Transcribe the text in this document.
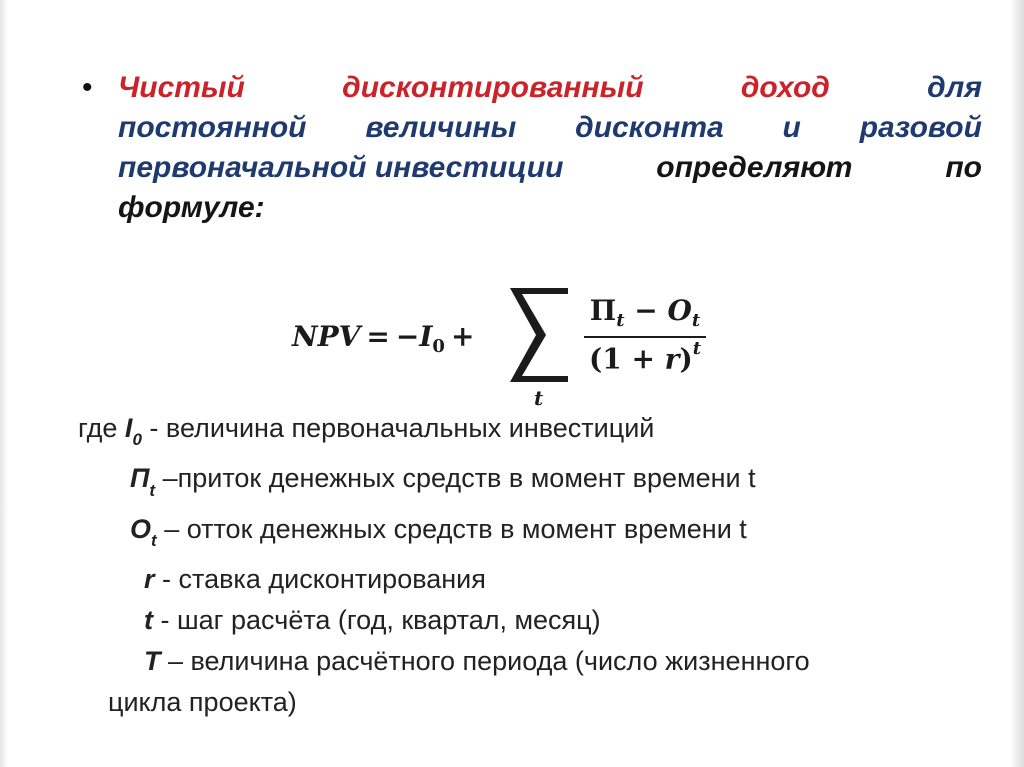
• Чистый	дисконтированный	доход	для
постоянной величины дисконта и разовой
первоначальной инвестиции	определяют	по
формуле:
NPV = $-I_0$ +
t
$\Pi_t - O_t$
$(1 + r)^t$
где $I_0$ - величина первоначальных инвестиций
$П_t$ –приток денежных средств в момент времени t
$O_t$ – отток денежных средств в момент времени t
r - ставка дисконтирования
t - шаг расчёта (год, квартал, месяц)
T – величина расчётного периода (число жизненного
цикла проекта)
